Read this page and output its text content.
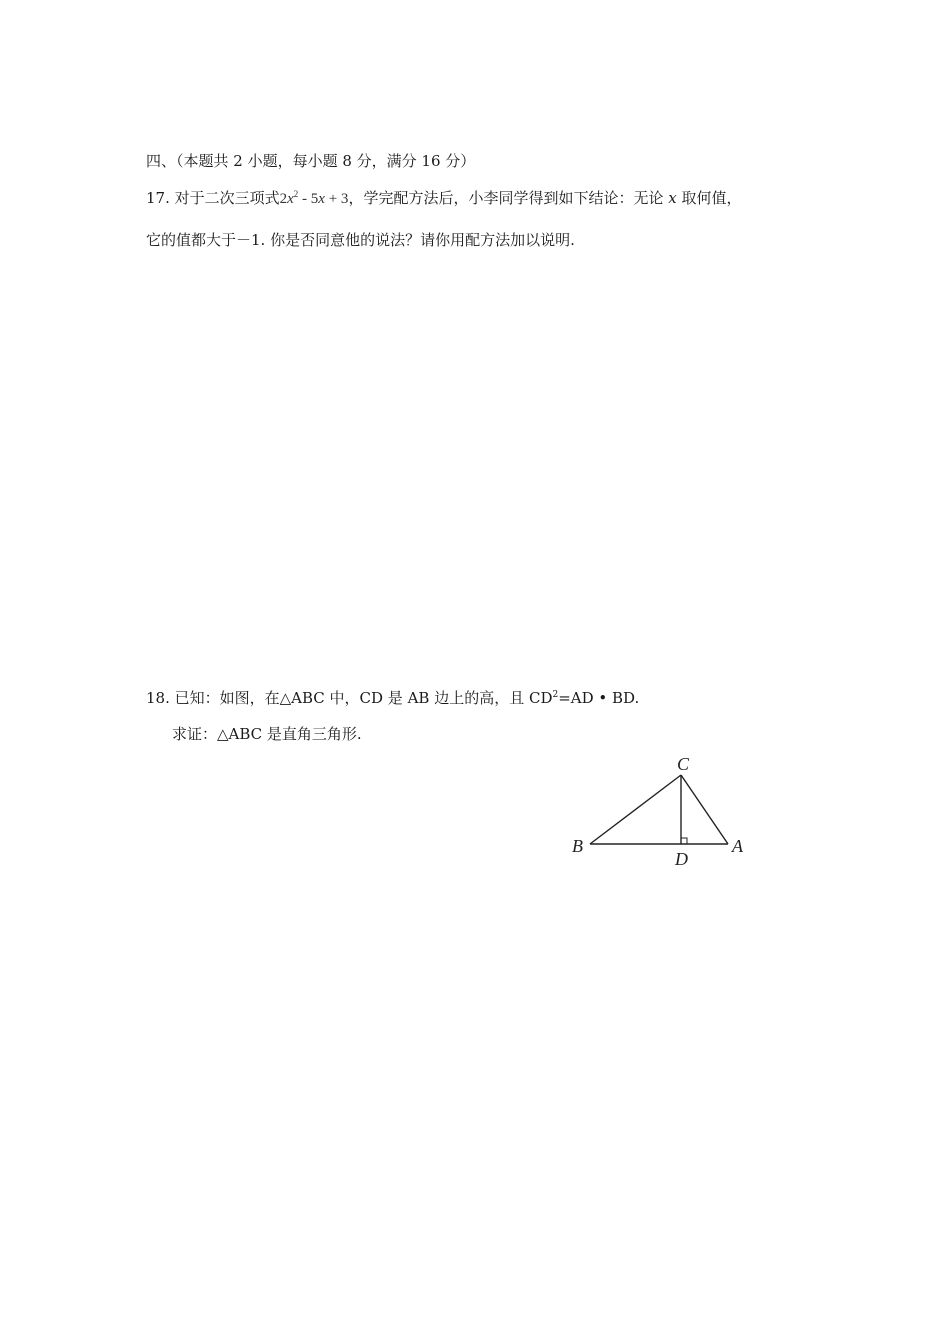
四、（本题共 2 小题，每小题 8 分，满分 16 分）
17. 对于二次三项式$2x^2 - 5x + 3$，学完配方法后，小李同学得到如下结论：无论 x 取何值，
它的值都大于－1. 你是否同意他的说法？请你用配方法加以说明.
18. 已知：如图，在△ABC 中，CD 是 AB 边上的高，且 $CD^2=AD$ • BD.
求证：△ABC 是直角三角形.
C
B
D
A
